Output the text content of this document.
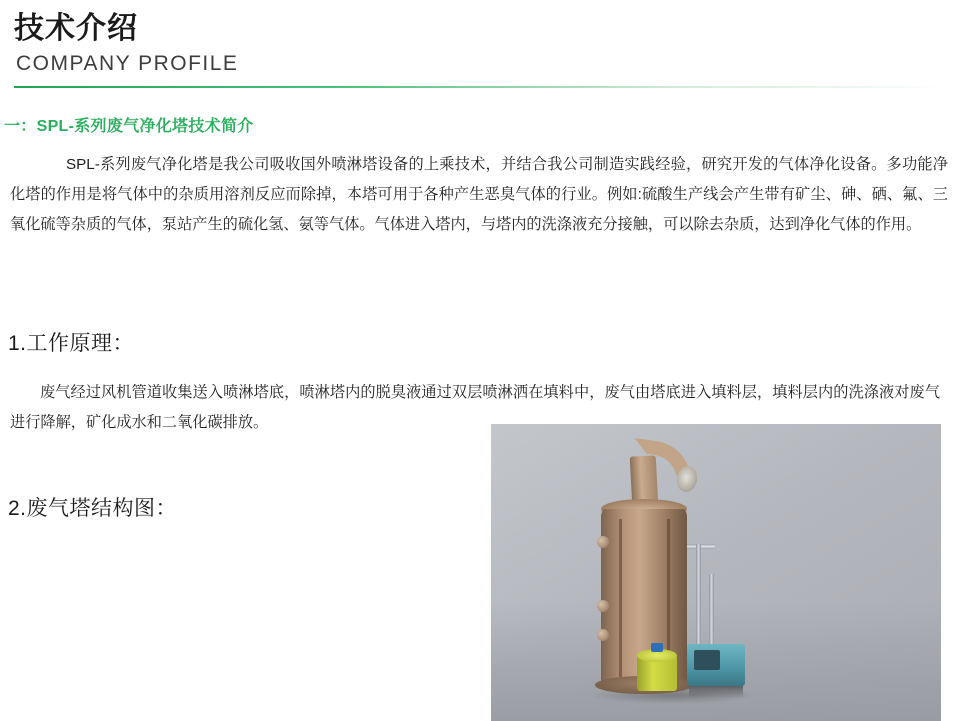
技术介绍
COMPANY PROFILE
一：SPL-系列废气净化塔技术简介
SPL-系列废气净化塔是我公司吸收国外喷淋塔设备的上乘技术，并结合我公司制造实践经验，研究开发的气体净化设备。多功能净化塔的作用是将气体中的杂质用溶剂反应而除掉，本塔可用于各种产生恶臭气体的行业。例如:硫酸生产线会产生带有矿尘、砷、硒、氟、三氧化硫等杂质的气体，泵站产生的硫化氢、氨等气体。气体进入塔内，与塔内的洗涤液充分接触，可以除去杂质，达到净化气体的作用。
1.工作原理：
废气经过风机管道收集送入喷淋塔底，喷淋塔内的脱臭液通过双层喷淋洒在填料中，废气由塔底进入填料层，填料层内的洗涤液对废气进行降解，矿化成水和二氧化碳排放。
2.废气塔结构图：
